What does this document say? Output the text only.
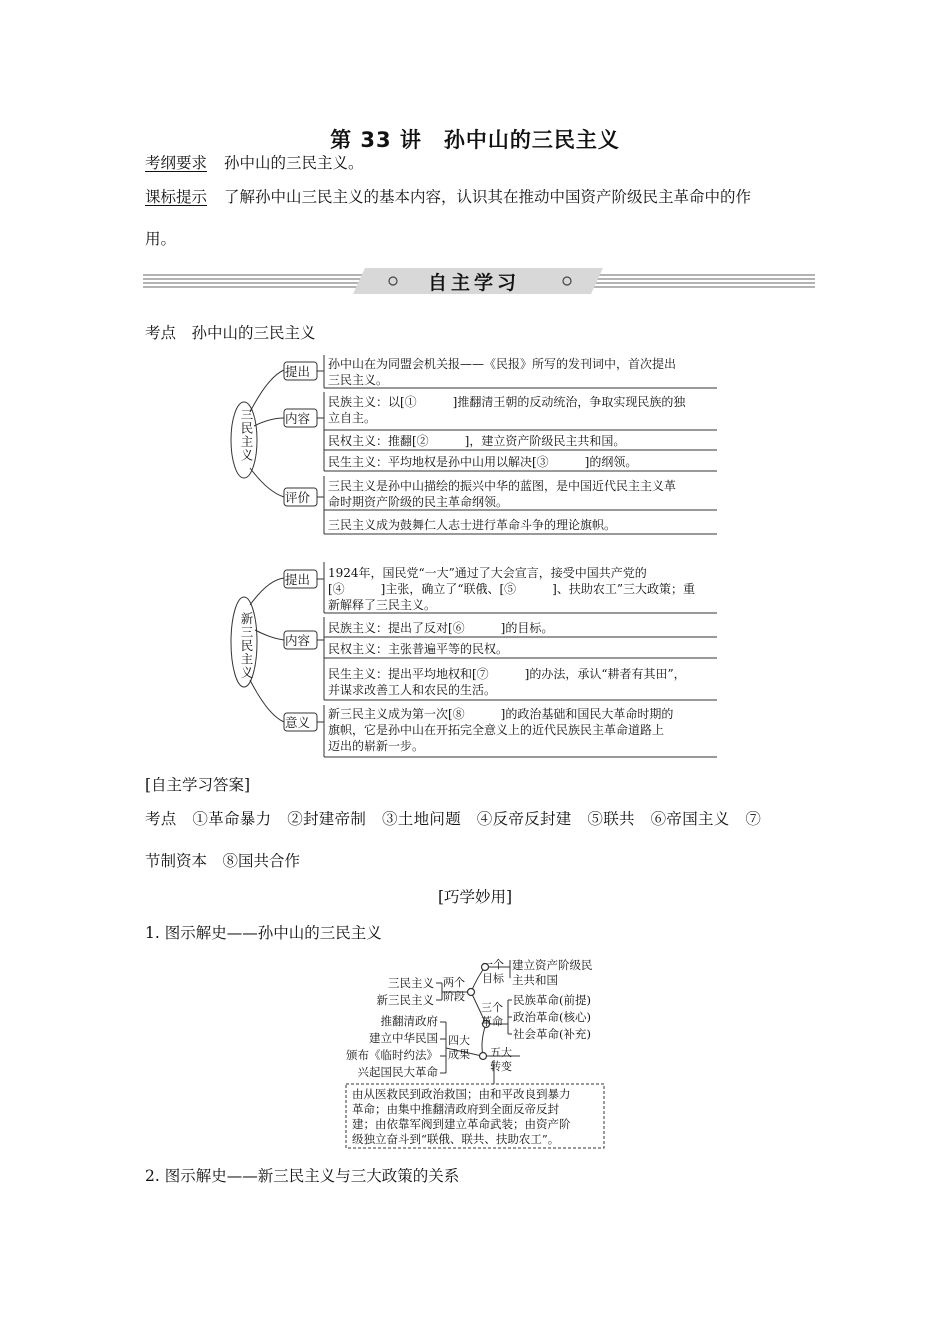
第 33 讲　孙中山的三民主义
考纲要求 孙中山的三民主义。
课标提示 了解孙中山三民主义的基本内容，认识其在推动中国资产阶级民主革命中的作
用。
自主学习
考点　孙中山的三民主义
三民主义
提出
内容
评价
孙中山在为同盟会机关报——《民报》所写的发刊词中，首次提出
三民主义。
民族主义：以[①　　　]推翻清王朝的反动统治，争取实现民族的独
立自主。
民权主义：推翻[②　　　]，建立资产阶级民主共和国。
民生主义：平均地权是孙中山用以解决[③　　　]的纲领。
三民主义是孙中山描绘的振兴中华的蓝图，是中国近代民主主义革
命时期资产阶级的民主革命纲领。
三民主义成为鼓舞仁人志士进行革命斗争的理论旗帜。
新三民主义
提出
内容
意义
1924年，国民党“一大”通过了大会宣言，接受中国共产党的
[④　　　]主张，确立了“联俄、[⑤　　　]、扶助农工”三大政策；重
新解释了三民主义。
民族主义：提出了反对[⑥　　　]的目标。
民权主义：主张普遍平等的民权。
民生主义：提出平均地权和[⑦　　　]的办法，承认“耕者有其田”，
并谋求改善工人和农民的生活。
新三民主义成为第一次[⑧　　　]的政治基础和国民大革命时期的
旗帜，它是孙中山在开拓完全意义上的近代民族民主革命道路上
迈出的崭新一步。
[自主学习答案]
考点　①革命暴力　②封建帝制　③土地问题　④反帝反封建　⑤联共　⑥帝国主义　⑦
节制资本　⑧国共合作
[巧学妙用]
1. 图示解史——孙中山的三民主义
三民主义
新三民主义
两个阶段
一个目标
建立资产阶级民
主共和国
三个革命
民族革命(前提)
政治革命(核心)
社会革命(补充)
推翻清政府
建立中华民国
颁布《临时约法》
兴起国民大革命
四大成果	五大转变
由从医救民到政治救国；由和平改良到暴力
革命；由集中推翻清政府到全面反帝反封
建；由依靠军阀到建立革命武装；由资产阶
级独立奋斗到“联俄、联共、扶助农工”。
2. 图示解史——新三民主义与三大政策的关系
